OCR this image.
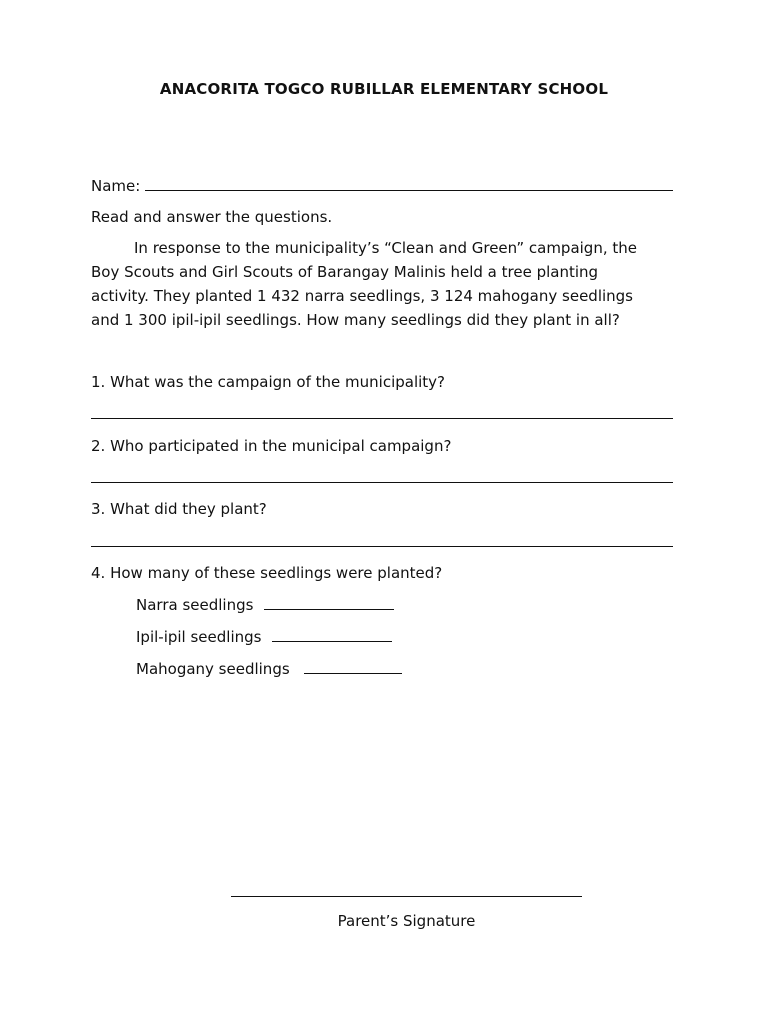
ANACORITA TOGCO RUBILLAR ELEMENTARY SCHOOL
Name:
Read and answer the questions.
In response to the municipality’s “Clean and Green” campaign, the
Boy Scouts and Girl Scouts of Barangay Malinis held a tree planting
activity. They planted 1 432 narra seedlings, 3 124 mahogany seedlings
and 1 300 ipil-ipil seedlings. How many seedlings did they plant in all?
1. What was the campaign of the municipality?
2. Who participated in the municipal campaign?
3. What did they plant?
4. How many of these seedlings were planted?
Narra seedlings
Ipil-ipil seedlings
Mahogany seedlings
Parent’s Signature
